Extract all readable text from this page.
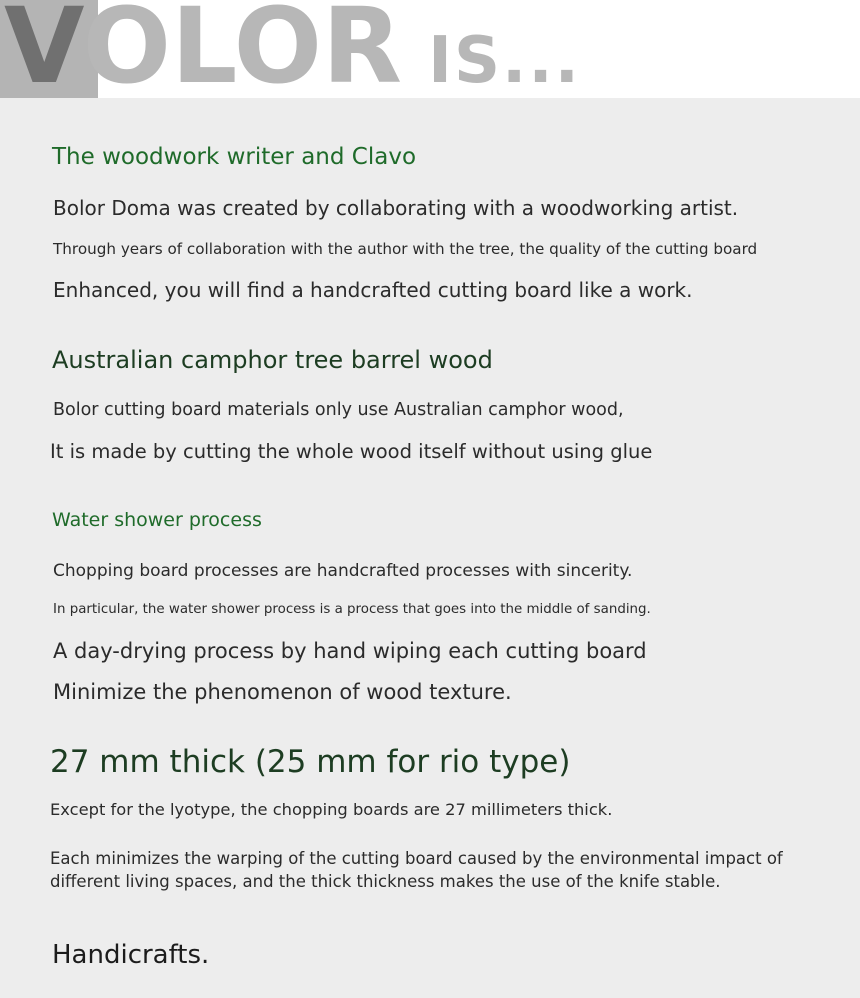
VOLOR IS...
The woodwork writer and Clavo
Bolor Doma was created by collaborating with a woodworking artist.
Through years of collaboration with the author with the tree, the quality of the cutting board
Enhanced, you will find a handcrafted cutting board like a work.
Australian camphor tree barrel wood
Bolor cutting board materials only use Australian camphor wood,
It is made by cutting the whole wood itself without using glue
Water shower process
Chopping board processes are handcrafted processes with sincerity.
In particular, the water shower process is a process that goes into the middle of sanding.
A day-drying process by hand wiping each cutting board
Minimize the phenomenon of wood texture.
27 mm thick (25 mm for rio type)
Except for the lyotype, the chopping boards are 27 millimeters thick.
Each minimizes the warping of the cutting board caused by the environmental impact of
different living spaces, and the thick thickness makes the use of the knife stable.
Handicrafts.
